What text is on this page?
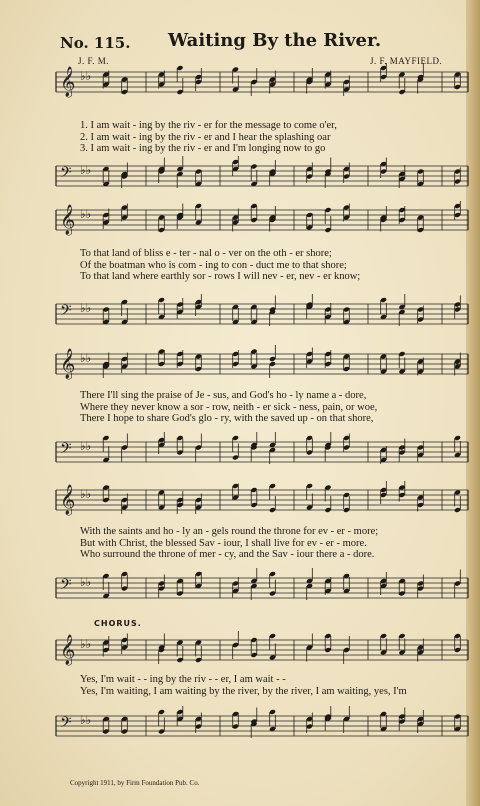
No. 115. Waiting By the River.
J. F. M.	J. F. MAYFIELD.
𝄞 ♭♭
1. I am wait - ing by the riv - er for the message to come o'er,
2. I am wait - ing by the riv - er and I hear the splashing oar
3. I am wait - ing by the riv - er and I'm longing now to go
𝄢 ♭♭
𝄞 ♭♭
To that land of bliss e - ter - nal o - ver on the oth - er shore;
Of the boatman who is com - ing to con - duct me to that shore;
To that land where earthly sor - rows I will nev - er, nev - er know;
𝄢 ♭♭
𝄞 ♭♭
There I'll sing the praise of Je - sus, and God's ho - ly name a - dore,
Where they never know a sor - row, neith - er sick - ness, pain, or woe,
There I hope to share God's glo - ry, with the saved up - on that shore,
𝄢 ♭♭
𝄞 ♭♭
With the saints and ho - ly an - gels round the throne for ev - er - more;
But with Christ, the blessed Sav - iour, I shall live for ev - er - more.
Who surround the throne of mer - cy, and the Sav - iour there a - dore.
𝄢 ♭♭
CHORUS.
𝄞 ♭♭
Yes, I'm wait - - ing by the riv - - er, I am wait - -
Yes, I'm waiting, I am waiting by the river, by the river, I am waiting, yes, I'm
𝄢 ♭♭
Copyright 1911, by Firm Foundation Pub. Co.
